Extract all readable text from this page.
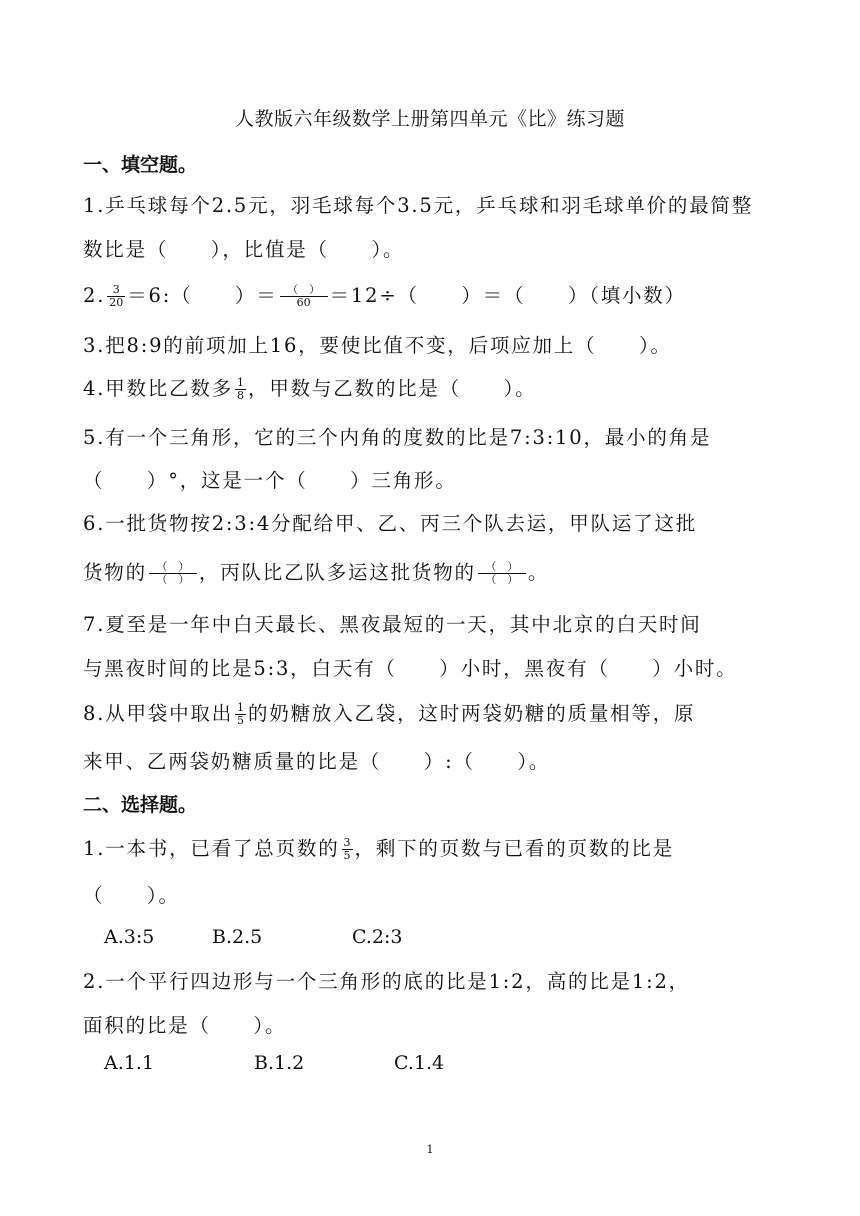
人教版六年级数学上册第四单元《比》练习题
一、填空题。
1.乒乓球每个2.5元，羽毛球每个3.5元，乒乓球和羽毛球单价的最简整
数比是（　　），比值是（　　）。
2. $\frac{3}{20}$ ＝6:（　　）＝ $\frac{( )}{60} =12\div$（　　）＝（　　）（填小数）
3.把8:9的前项加上16，要使比值不变，后项应加上（　　）。
4.甲数比乙数多 $\frac{1}{8}$ ，甲数与乙数的比是（　　）。
5.有一个三角形，它的三个内角的度数的比是7:3:10，最小的角是
（　　）°，这是一个（　　）三角形。
6.一批货物按2:3:4分配给甲、乙、丙三个队去运，甲队运了这批
货物的 $\frac{( )}{( )}$ ，丙队比乙队多运这批货物的 $\frac{( )}{( )}$ 。
7.夏至是一年中白天最长、黑夜最短的一天，其中北京的白天时间
与黑夜时间的比是5:3，白天有（　　）小时，黑夜有（　　）小时。
8.从甲袋中取出 $\frac{1}{5}$ 的奶糖放入乙袋，这时两袋奶糖的质量相等，原
来甲、乙两袋奶糖质量的比是（　　）:（　　）。
二、选择题。
1.一本书，已看了总页数的 $\frac{3}{5}$ ，剩下的页数与已看的页数的比是
（　　）。
A.3:5	B.2.5	C.2:3
2.一个平行四边形与一个三角形的底的比是1:2，高的比是1:2，
面积的比是（　　）。
A.1.1	B.1.2	C.1.4
1
